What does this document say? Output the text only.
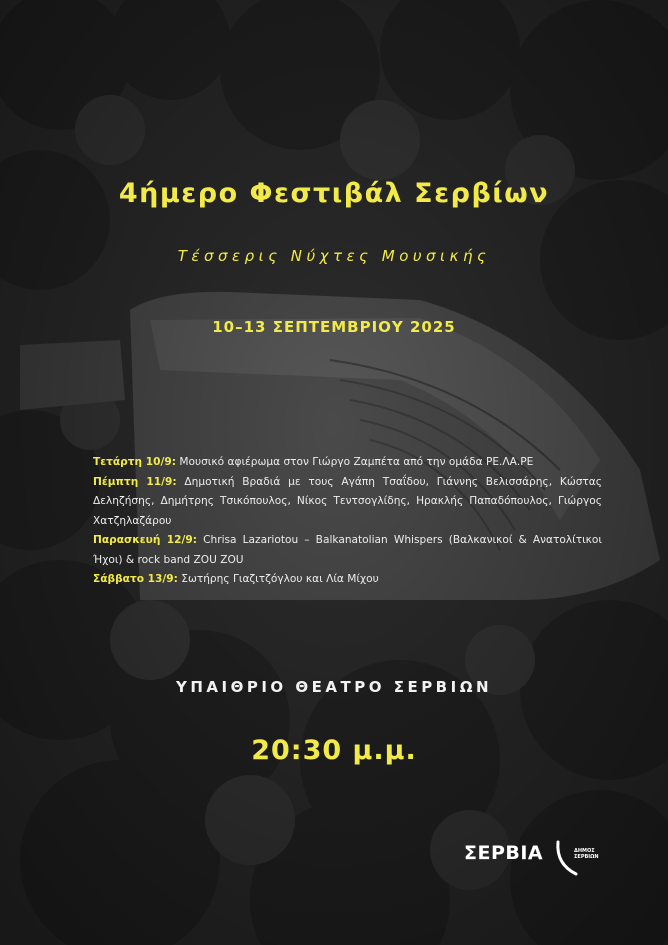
4ήμερο Φεστιβάλ Σερβίων
Τέσσερις Νύχτες Μουσικής
10–13 ΣΕΠΤΕΜΒΡΙΟΥ 2025

Τετάρτη 10/9: Μουσικό αφιέρωμα στον Γιώργο Ζαμπέτα από την ομάδα ΡΕ.ΛΑ.ΡΕ

Πέμπτη 11/9: Δημοτική Βραδιά με τους Αγάπη Τσαΐδου, Γιάννης Βελισσάρης, Κώστας Δεληζήσης, Δημήτρης Τσικόπουλος, Νίκος Τεντσογλίδης, Ηρακλής Παπαδόπουλος, Γιώργος Χατζηλαζάρου

Παρασκευή 12/9: Chrisa Lazariotou – Balkanatolian Whispers (Βαλκανικοί & Ανατολίτικοι Ήχοι) & rock band ZOU ZOU

Σάββατο 13/9: Σωτήρης Γιαζιτζόγλου και Λία Μίχου

ΥΠΑΙΘΡΙΟ ΘΕΑΤΡΟ ΣΕΡΒΙΩΝ
20:30 μ.μ.
ΣΕΡΒΙΑ	ΔΗΜΟΣ
ΣΕΡΒΙΩΝ
